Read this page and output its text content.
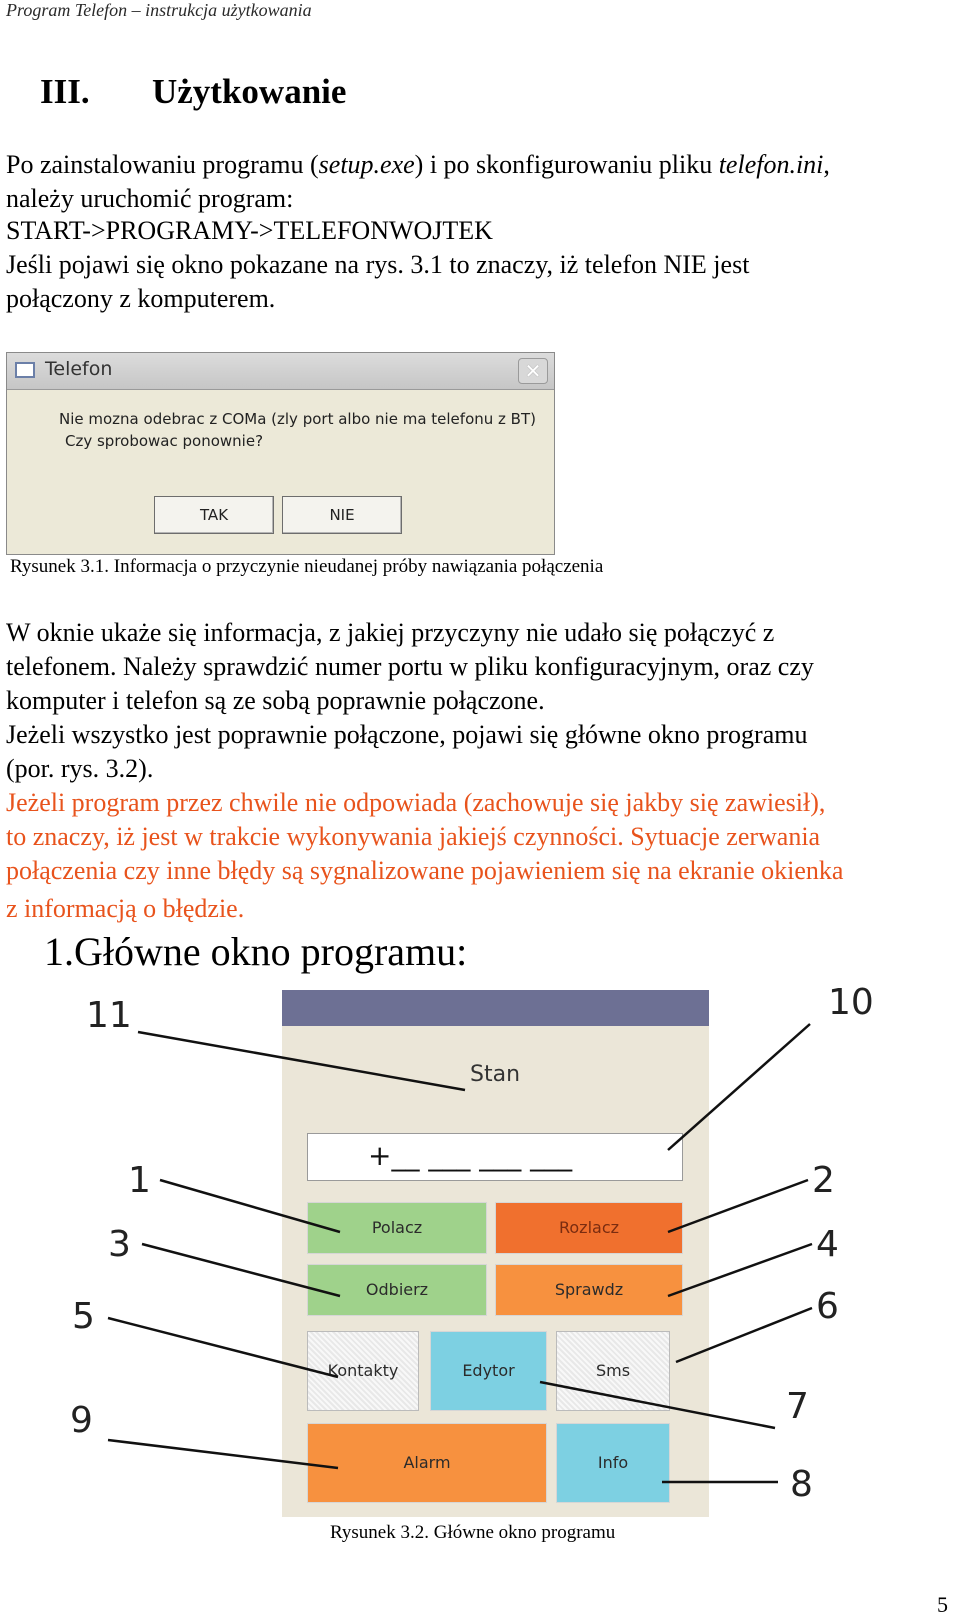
Program Telefon – instrukcja użytkowania
III. Użytkowanie
Po zainstalowaniu programu (setup.exe) i po skonfigurowaniu pliku telefon.ini,
należy uruchomić program:
START->PROGRAMY->TELEFONWOJTEK
Jeśli pojawi się okno pokazane na rys. 3.1 to znaczy, iż telefon NIE jest
połączony z komputerem.
Telefon	✕
Nie mozna odebrac z COMa (zly port albo nie ma telefonu z BT)
Czy sprobowac ponownie?
TAK	NIE
Rysunek 3.1. Informacja o przyczynie nieudanej próby nawiązania połączenia
W oknie ukaże się informacja, z jakiej przyczyny nie udało się połączyć z
telefonem. Należy sprawdzić numer portu w pliku konfiguracyjnym, oraz czy
komputer i telefon są ze sobą poprawnie połączone.
Jeżeli wszystko jest poprawnie połączone, pojawi się główne okno programu
(por. rys. 3.2).
Jeżeli program przez chwile nie odpowiada (zachowuje się jakby się zawiesił),
to znaczy, iż jest w trakcie wykonywania jakiejś czynności. Sytuacje zerwania
połączenia czy inne błędy są sygnalizowane pojawieniem się na ekranie okienka
z informacją o błędzie.
1.Główne okno programu:
Stan
+__ ___ ___ ___
Polacz	Rozlacz
Odbierz	Sprawdz
Kontakty	Edytor	Sms
Alarm	Info
11	10
1	2
3	4
5	6
7
9
8
Rysunek 3.2. Główne okno programu
5
